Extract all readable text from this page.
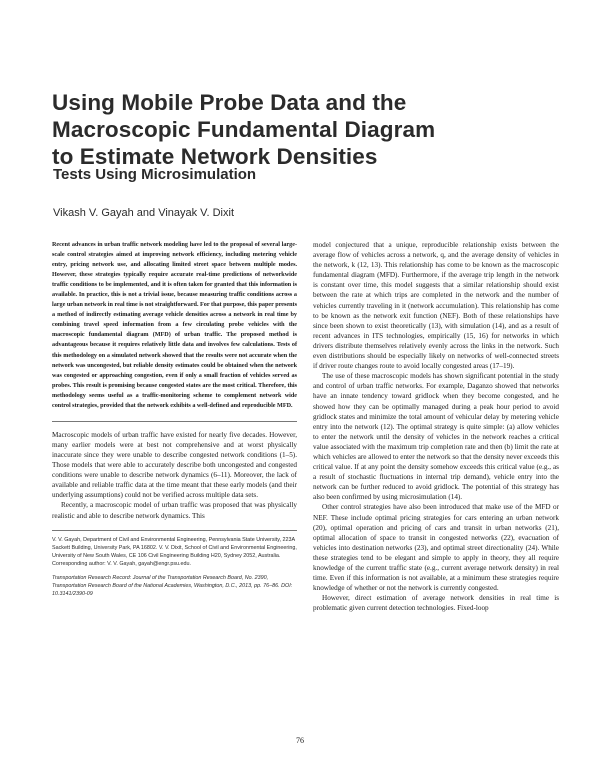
Using Mobile Probe Data and the
Macroscopic Fundamental Diagram
to Estimate Network Densities
Tests Using Microsimulation
Vikash V. Gayah and Vinayak V. Dixit

Recent advances in urban traffic network modeling have led to the proposal of several large-scale control strategies aimed at improving network efficiency, including metering vehicle entry, pricing network use, and allocating limited street space between multiple modes. However, these strategies typically require accurate real-time predictions of networkwide traffic conditions to be implemented, and it is often taken for granted that this information is available. In practice, this is not a trivial issue, because measuring traffic conditions across a large urban network in real time is not straightforward. For that purpose, this paper presents a method of indirectly estimating average vehicle densities across a network in real time by combining travel speed information from a few circulating probe vehicles with the macroscopic fundamental diagram (MFD) of urban traffic. The proposed method is advantageous because it requires relatively little data and involves few calculations. Tests of this methodology on a simulated network showed that the results were not accurate when the network was uncongested, but reliable density estimates could be obtained when the network was congested or approaching congestion, even if only a small fraction of vehicles served as probes. This result is promising because congested states are the most critical. Therefore, this methodology seems useful as a traffic-monitoring scheme to complement network wide control strategies, provided that the network exhibits a well-defined and reproducible MFD.

Macroscopic models of urban traffic have existed for nearly five decades. However, many earlier models were at best not comprehensive and at worst physically inaccurate since they were unable to describe congested network conditions (1–5). Those models that were able to accurately describe both uncongested and congested conditions were unable to describe network dynamics (6–11). Moreover, the lack of available and reliable traffic data at the time meant that these early models (and their underlying assumptions) could not be verified across multiple data sets.

Recently, a macroscopic model of urban traffic was proposed that was physically realistic and able to describe network dynamics. This

V. V. Gayah, Department of Civil and Environmental Engineering, Pennsylvania State University, 223A Sackett Building, University Park, PA 16802. V. V. Dixit, School of Civil and Environmental Engineering, University of New South Wales, CE 106 Civil Engineering Building H20, Sydney 2052, Australia. Corresponding author: V. V. Gayah, gayah@engr.psu.edu.

Transportation Research Record: Journal of the Transportation Research Board, No. 2390, Transportation Research Board of the National Academies, Washington, D.C., 2013, pp. 76–86. DOI: 10.3141/2390-09

model conjectured that a unique, reproducible relationship exists between the average flow of vehicles across a network, q, and the average density of vehicles in the network, k (12, 13). This relationship has come to be known as the macroscopic fundamental diagram (MFD). Furthermore, if the average trip length in the network is constant over time, this model suggests that a similar relationship should exist between the rate at which trips are completed in the network and the number of vehicles currently traveling in it (network accumulation). This relationship has come to be known as the network exit function (NEF). Both of these relationships have since been shown to exist theoretically (13), with simulation (14), and as a result of recent advances in ITS technologies, empirically (15, 16) for networks in which drivers distribute themselves relatively evenly across the links in the network. Such even distributions should be especially likely on networks of well-connected streets if driver route changes route to avoid locally congested areas (17–19).

The use of these macroscopic models has shown significant potential in the study and control of urban traffic networks. For example, Daganzo showed that networks have an innate tendency toward gridlock when they become congested, and he showed how they can be optimally managed during a peak hour period to avoid gridlock states and minimize the total amount of vehicular delay by metering vehicle entry into the network (12). The optimal strategy is quite simple: (a) allow vehicles to enter the network until the density of vehicles in the network reaches a critical value associated with the maximum trip completion rate and then (b) limit the rate at which vehicles are allowed to enter the network so that the density never exceeds this critical value. If at any point the density somehow exceeds this critical value (e.g., as a result of stochastic fluctuations in internal trip demand), vehicle entry into the network can be further reduced to avoid gridlock. The potential of this strategy has also been confirmed by using microsimulation (14).

Other control strategies have also been introduced that make use of the MFD or NEF. These include optimal pricing strategies for cars entering an urban network (20), optimal operation and pricing of cars and transit in urban networks (21), optimal allocation of space to transit in congested networks (22), evacuation of vehicles into destination networks (23), and optimal street directionality (24). While these strategies tend to be elegant and simple to apply in theory, they all require knowledge of the current traffic state (e.g., current average network density) in real time. Even if this information is not available, at a minimum these strategies require knowledge of whether or not the network is currently congested.

However, direct estimation of average network densities in real time is problematic given current detection technologies. Fixed-loop

76
